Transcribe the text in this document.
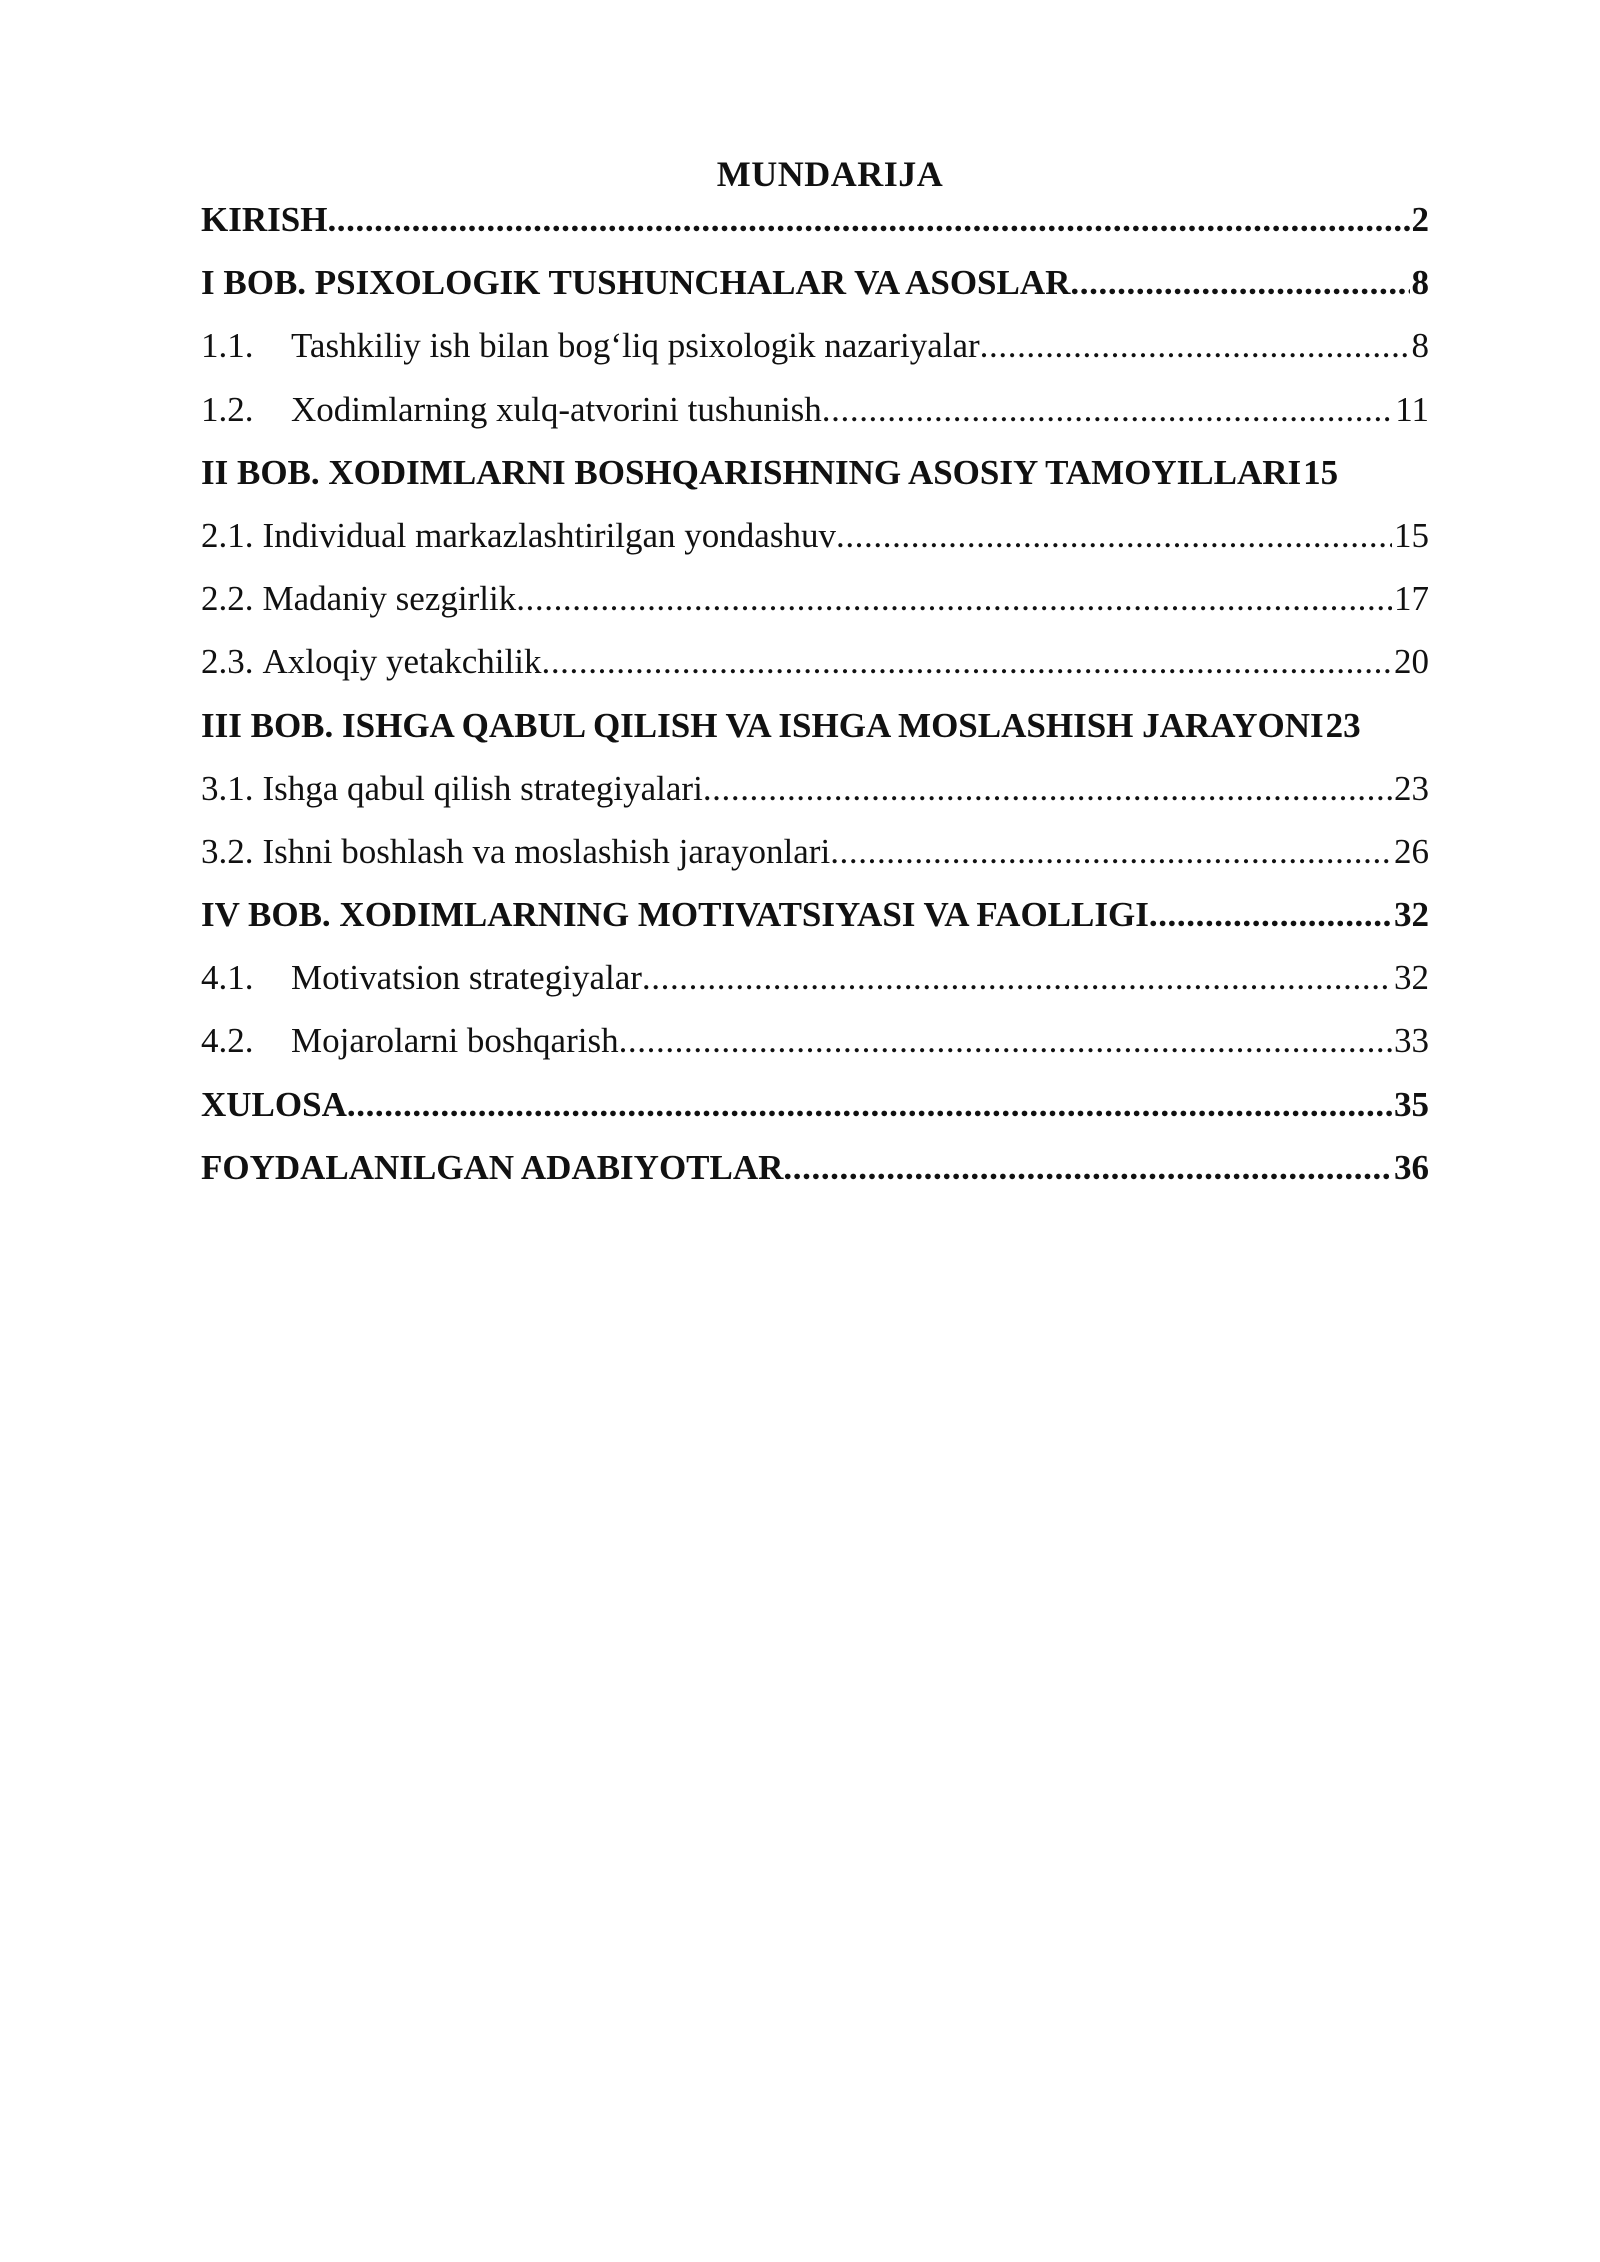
MUNDARIJA
KIRISH .....	2
I BOB. PSIXOLOGIK TUSHUNCHALAR VA ASOSLAR .....	8
1.1.	Tashkiliy ish bilan bog‘liq psixologik nazariyalar .....	8
1.2.	Xodimlarning xulq-atvorini tushunish .....	11
II BOB. XODIMLARNI BOSHQARISHNING ASOSIY TAMOYILLARI 15
2.1. Individual markazlashtirilgan yondashuv .....	15
2.2. Madaniy sezgirlik .....	17
2.3. Axloqiy yetakchilik .....	20
III BOB. ISHGA QABUL QILISH VA ISHGA MOSLASHISH JARAYONI 23
3.1. Ishga qabul qilish strategiyalari .....	23
3.2. Ishni boshlash va moslashish jarayonlari .....	26
IV BOB. XODIMLARNING MOTIVATSIYASI VA FAOLLIGI .....	32
4.1.	Motivatsion strategiyalar .....	32
4.2.	Mojarolarni boshqarish .....	33
XULOSA .....	35
FOYDALANILGAN ADABIYOTLAR .....	36
